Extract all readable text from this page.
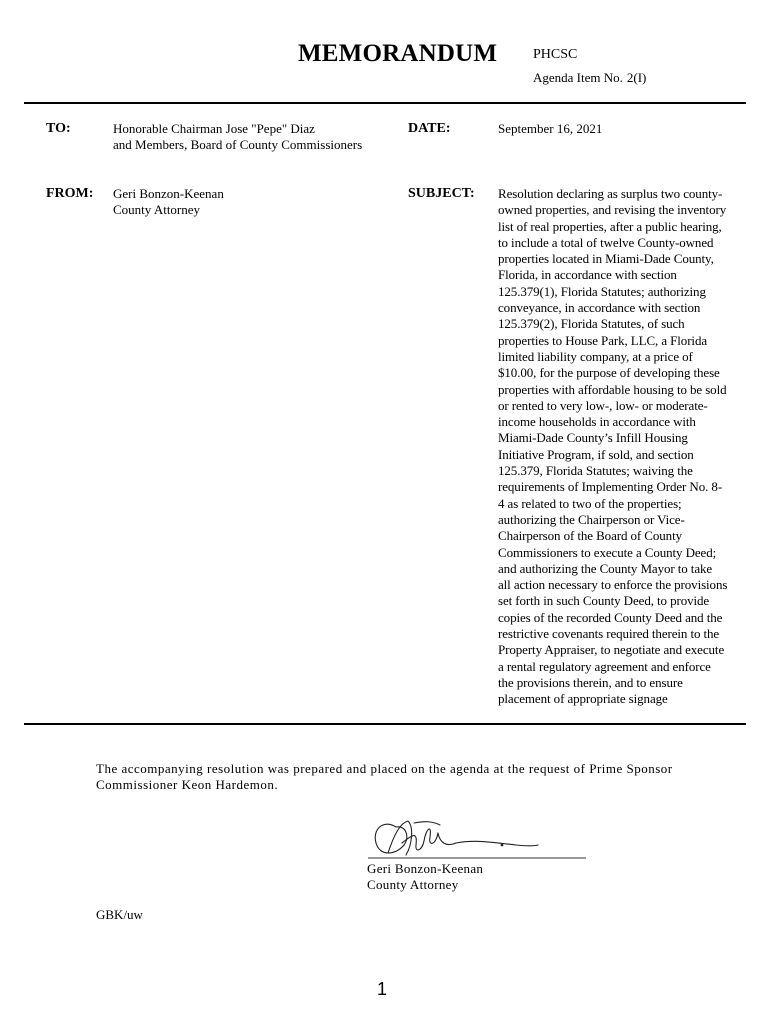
MEMORANDUM	PHCSC
Agenda Item No. 2(I)
TO:	Honorable Chairman Jose "Pepe" Diaz
and Members, Board of County Commissioners
DATE:	September 16, 2021
FROM: Geri Bonzon-Keenan
County Attorney
SUBJECT: Resolution declaring as surplus two county-
owned properties, and revising the inventory
list of real properties, after a public hearing,
to include a total of twelve County-owned
properties located in Miami-Dade County,
Florida, in accordance with section
125.379(1), Florida Statutes; authorizing
conveyance, in accordance with section
125.379(2), Florida Statutes, of such
properties to House Park, LLC, a Florida
limited liability company, at a price of
$10.00, for the purpose of developing these
properties with affordable housing to be sold
or rented to very low-, low- or moderate-
income households in accordance with
Miami-Dade County’s Infill Housing
Initiative Program, if sold, and section
125.379, Florida Statutes; waiving the
requirements of Implementing Order No. 8-
4 as related to two of the properties;
authorizing the Chairperson or Vice-
Chairperson of the Board of County
Commissioners to execute a County Deed;
and authorizing the County Mayor to take
all action necessary to enforce the provisions
set forth in such County Deed, to provide
copies of the recorded County Deed and the
restrictive covenants required therein to the
Property Appraiser, to negotiate and execute
a rental regulatory agreement and enforce
the provisions therein, and to ensure
placement of appropriate signage
The accompanying resolution was prepared and placed on the agenda at the request of Prime Sponsor
Commissioner Keon Hardemon.
Geri Bonzon-Keenan
County Attorney
GBK/uw
1
